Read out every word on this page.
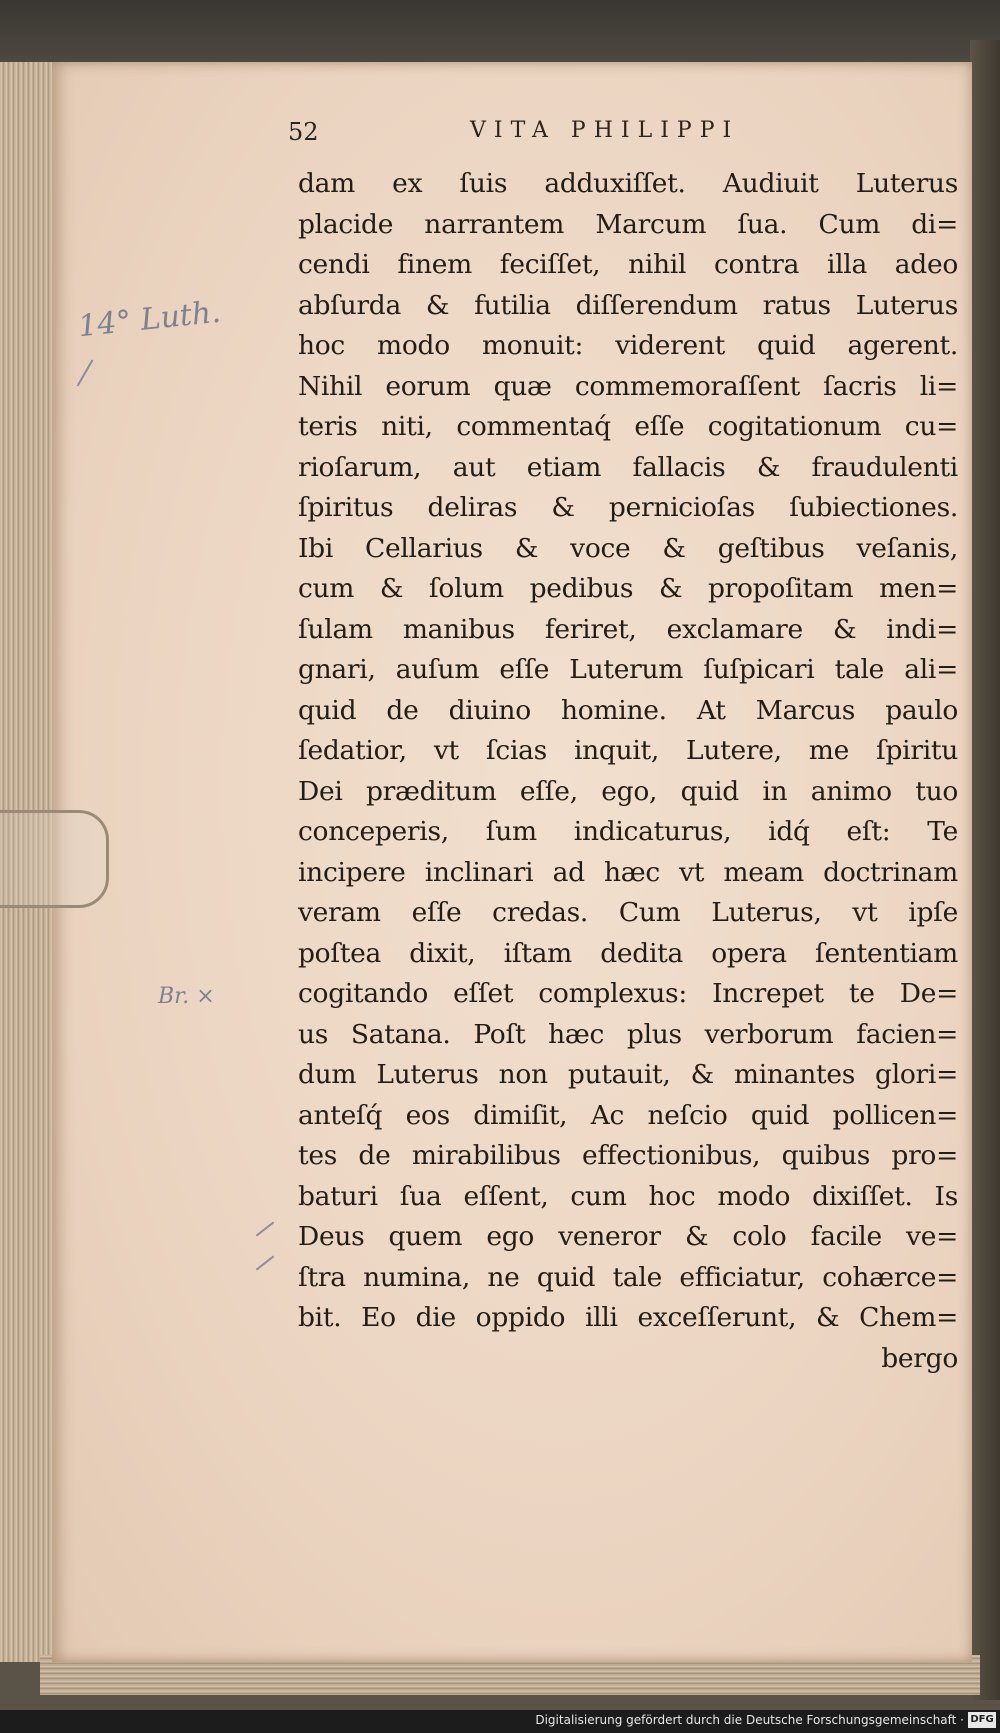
52	VITA PHILIPPI
14° Luth.
Br. ×
dam ex ſuis adduxiſſet. Audiuit Luterus
placide narrantem Marcum ſua. Cum di=
cendi finem feciſſet, nihil contra illa adeo
abſurda & futilia diſſerendum ratus Luterus
hoc modo monuit: viderent quid agerent.
Nihil eorum quæ commemoraſſent ſacris li=
teris niti, commentaq́ eſſe cogitationum cu=
rioſarum, aut etiam fallacis & fraudulenti
ſpiritus deliras & pernicioſas ſubiectiones.
Ibi Cellarius & voce & geſtibus veſanis,
cum & ſolum pedibus & propoſitam men=
ſulam manibus feriret, exclamare & indi=
gnari, auſum eſſe Luterum ſuſpicari tale ali=
quid de diuino homine. At Marcus paulo
ſedatior, vt ſcias inquit, Lutere, me ſpiritu
Dei præditum eſſe, ego, quid in animo tuo
conceperis, ſum indicaturus, idq́ eſt: Te
incipere inclinari ad hæc vt meam doctrinam
veram eſſe credas. Cum Luterus, vt ipſe
poſtea dixit, iſtam dedita opera ſententiam
cogitando eſſet complexus: Increpet te De=
us Satana. Poſt hæc plus verborum facien=
dum Luterus non putauit, & minantes glori=
anteſq́ eos dimiſit, Ac neſcio quid pollicen=
tes de mirabilibus effectionibus, quibus pro=
baturi ſua eſſent, cum hoc modo dixiſſet. Is
Deus quem ego veneror & colo facile ve=
ſtra numina, ne quid tale efficiatur, cohærce=
bit. Eo die oppido illi exceſſerunt, & Chem=
bergo
Digitalisierung gefördert durch die Deutsche Forschungsgemeinschaft · DFG
